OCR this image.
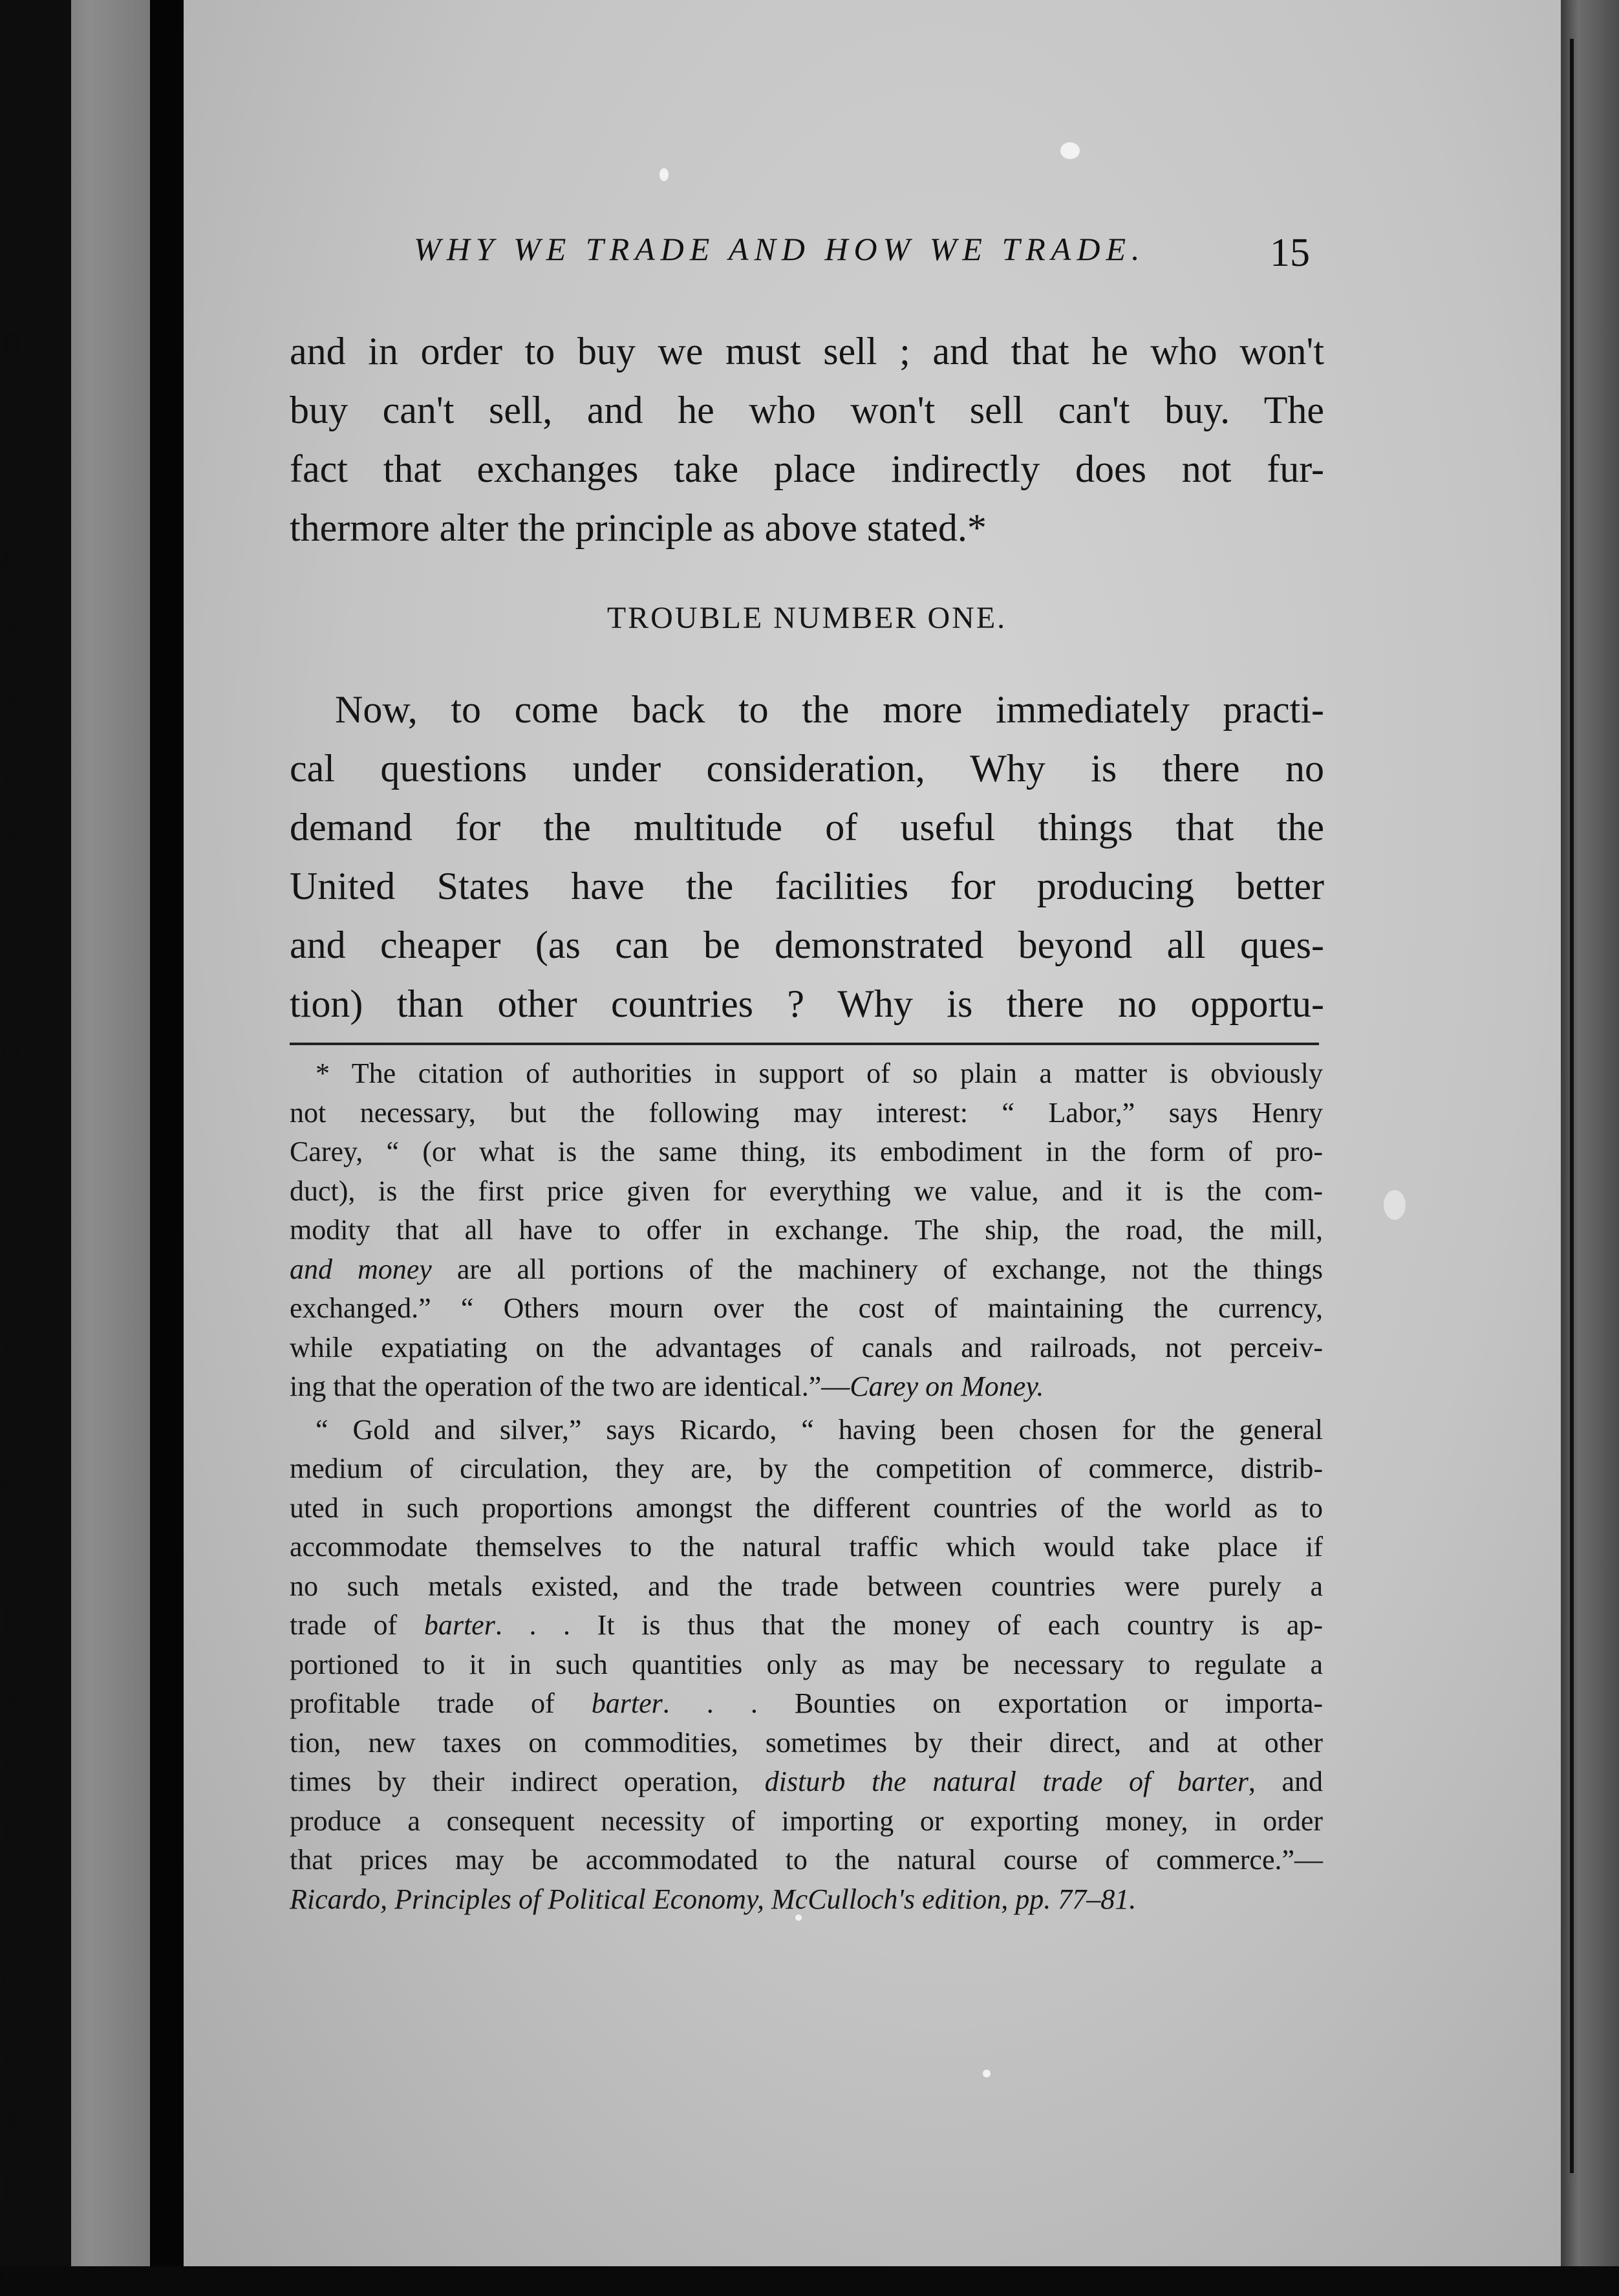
n
e
,
r
a
s
,
a
e
,
o
-
-
,
,
-
e
-
f
s
i
l
-
e
,
a
l
,
WHY WE TRADE AND HOW WE TRADE.	15
and in order to buy we must sell ; and that he who won't
buy can't sell, and he who won't sell can't buy. The
fact that exchanges take place indirectly does not fur-
thermore alter the principle as above stated.*
TROUBLE NUMBER ONE.
Now, to come back to the more immediately practi-
cal questions under consideration, Why is there no
demand for the multitude of useful things that the
United States have the facilities for producing better
and cheaper (as can be demonstrated beyond all ques-
tion) than other countries ? Why is there no opportu-
* The citation of authorities in support of so plain a matter is obviously
not necessary, but the following may interest: “ Labor,” says Henry
Carey, “ (or what is the same thing, its embodiment in the form of pro-
duct), is the first price given for everything we value, and it is the com-
modity that all have to offer in exchange. The ship, the road, the mill,
and money are all portions of the machinery of exchange, not the things
exchanged.” “ Others mourn over the cost of maintaining the currency,
while expatiating on the advantages of canals and railroads, not perceiv-
ing that the operation of the two are identical.”—Carey on Money.
“ Gold and silver,” says Ricardo, “ having been chosen for the general
medium of circulation, they are, by the competition of commerce, distrib-
uted in such proportions amongst the different countries of the world as to
accommodate themselves to the natural traffic which would take place if
no such metals existed, and the trade between countries were purely a
trade of barter. . . It is thus that the money of each country is ap-
portioned to it in such quantities only as may be necessary to regulate a
profitable trade of barter. . . Bounties on exportation or importa-
tion, new taxes on commodities, sometimes by their direct, and at other
times by their indirect operation, disturb the natural trade of barter, and
produce a consequent necessity of importing or exporting money, in order
that prices may be accommodated to the natural course of commerce.”—
Ricardo, Principles of Political Economy, McCulloch's edition, pp. 77–81.
